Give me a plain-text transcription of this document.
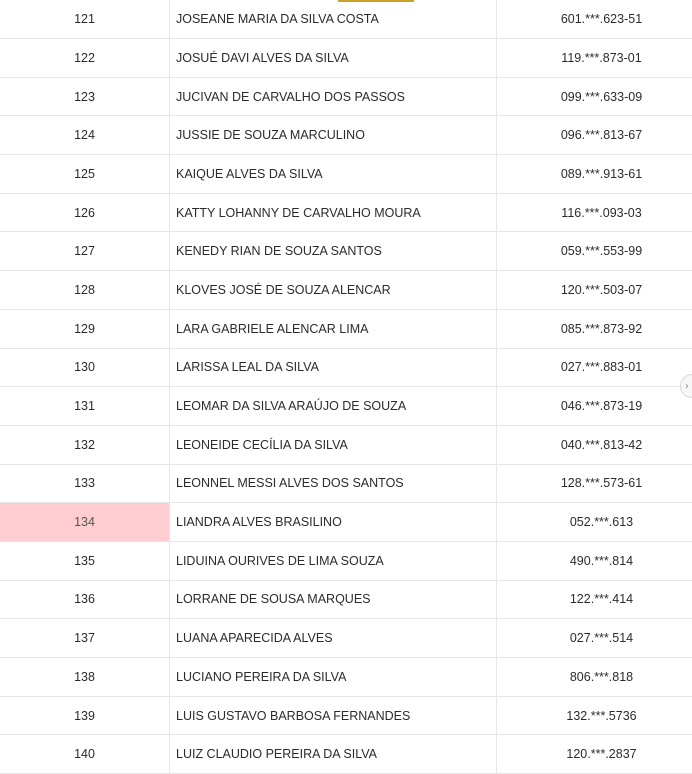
121	JOSEANE MARIA DA SILVA COSTA	601.***.623-51
122	JOSUÉ DAVI ALVES DA SILVA	119.***.873-01
123	JUCIVAN DE CARVALHO DOS PASSOS	099.***.633-09
124	JUSSIE DE SOUZA MARCULINO	096.***.813-67
125	KAIQUE ALVES DA SILVA	089.***.913-61
126	KATTY LOHANNY DE CARVALHO MOURA	116.***.093-03
127	KENEDY RIAN DE SOUZA SANTOS	059.***.553-99
128	KLOVES JOSÉ DE SOUZA ALENCAR	120.***.503-07
129	LARA GABRIELE ALENCAR LIMA	085.***.873-92
130	LARISSA LEAL DA SILVA	027.***.883-01
131	LEOMAR DA SILVA ARAÚJO DE SOUZA	046.***.873-19
132	LEONEIDE CECÍLIA DA SILVA	040.***.813-42
133	LEONNEL MESSI ALVES DOS SANTOS	128.***.573-61
134	LIANDRA ALVES BRASILINO	052.***.613
135	LIDUINA OURIVES DE LIMA SOUZA	490.***.814
136	LORRANE DE SOUSA MARQUES	122.***.414
137	LUANA APARECIDA ALVES	027.***.514
138	LUCIANO PEREIRA DA SILVA	806.***.818
139	LUIS GUSTAVO BARBOSA FERNANDES	132.***.5736
140	LUIZ CLAUDIO PEREIRA DA SILVA	120.***.2837
›
